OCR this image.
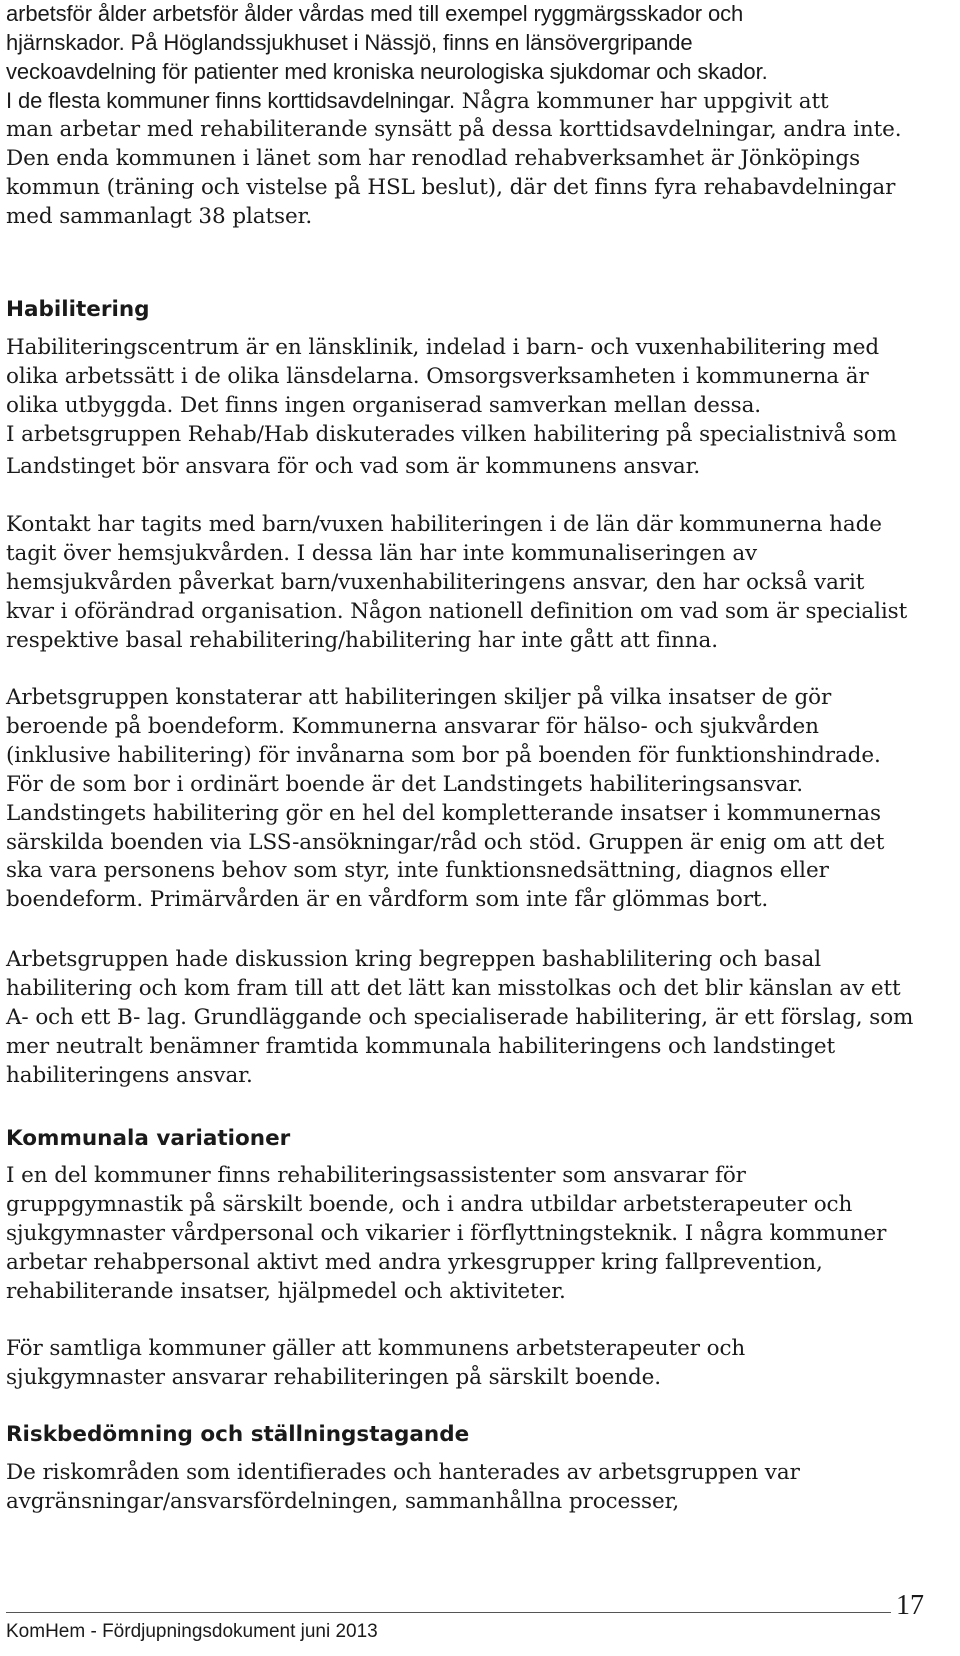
arbetsför ålder arbetsför ålder vårdas med till exempel ryggmärgsskador och
hjärnskador. På Höglandssjukhuset i Nässjö, finns en länsövergripande
veckoavdelning för patienter med kroniska neurologiska sjukdomar och skador.
I de flesta kommuner finns korttidsavdelningar. Några kommuner har uppgivit att
man arbetar med rehabiliterande synsätt på dessa korttidsavdelningar, andra inte.
Den enda kommunen i länet som har renodlad rehabverksamhet är Jönköpings
kommun (träning och vistelse på HSL beslut), där det finns fyra rehabavdelningar
med sammanlagt 38 platser.
Habilitering
Habiliteringscentrum är en länsklinik, indelad i barn- och vuxenhabilitering med
olika arbetssätt i de olika länsdelarna. Omsorgsverksamheten i kommunerna är
olika utbyggda. Det finns ingen organiserad samverkan mellan dessa.
I arbetsgruppen Rehab/Hab diskuterades vilken habilitering på specialistnivå som
Landstinget bör ansvara för och vad som är kommunens ansvar.
Kontakt har tagits med barn/vuxen habiliteringen i de län där kommunerna hade
tagit över hemsjukvården. I dessa län har inte kommunaliseringen av
hemsjukvården påverkat barn/vuxenhabiliteringens ansvar, den har också varit
kvar i oförändrad organisation. Någon nationell definition om vad som är specialist
respektive basal rehabilitering/habilitering har inte gått att finna.
Arbetsgruppen konstaterar att habiliteringen skiljer på vilka insatser de gör
beroende på boendeform. Kommunerna ansvarar för hälso- och sjukvården
(inklusive habilitering) för invånarna som bor på boenden för funktionshindrade.
För de som bor i ordinärt boende är det Landstingets habiliteringsansvar.
Landstingets habilitering gör en hel del kompletterande insatser i kommunernas
särskilda boenden via LSS-ansökningar/råd och stöd. Gruppen är enig om att det
ska vara personens behov som styr, inte funktionsnedsättning, diagnos eller
boendeform. Primärvården är en vårdform som inte får glömmas bort.
Arbetsgruppen hade diskussion kring begreppen bashablilitering och basal
habilitering och kom fram till att det lätt kan misstolkas och det blir känslan av ett
A- och ett B- lag. Grundläggande och specialiserade habilitering, är ett förslag, som
mer neutralt benämner framtida kommunala habiliteringens och landstinget
habiliteringens ansvar.
Kommunala variationer
I en del kommuner finns rehabiliteringsassistenter som ansvarar för
gruppgymnastik på särskilt boende, och i andra utbildar arbetsterapeuter och
sjukgymnaster vårdpersonal och vikarier i förflyttningsteknik. I några kommuner
arbetar rehabpersonal aktivt med andra yrkesgrupper kring fallprevention,
rehabiliterande insatser, hjälpmedel och aktiviteter.
För samtliga kommuner gäller att kommunens arbetsterapeuter och
sjukgymnaster ansvarar rehabiliteringen på särskilt boende.
Riskbedömning och ställningstagande
De riskområden som identifierades och hanterades av arbetsgruppen var
avgränsningar/ansvarsfördelningen, sammanhållna processer,
KomHem - Fördjupningsdokument juni 2013
17
